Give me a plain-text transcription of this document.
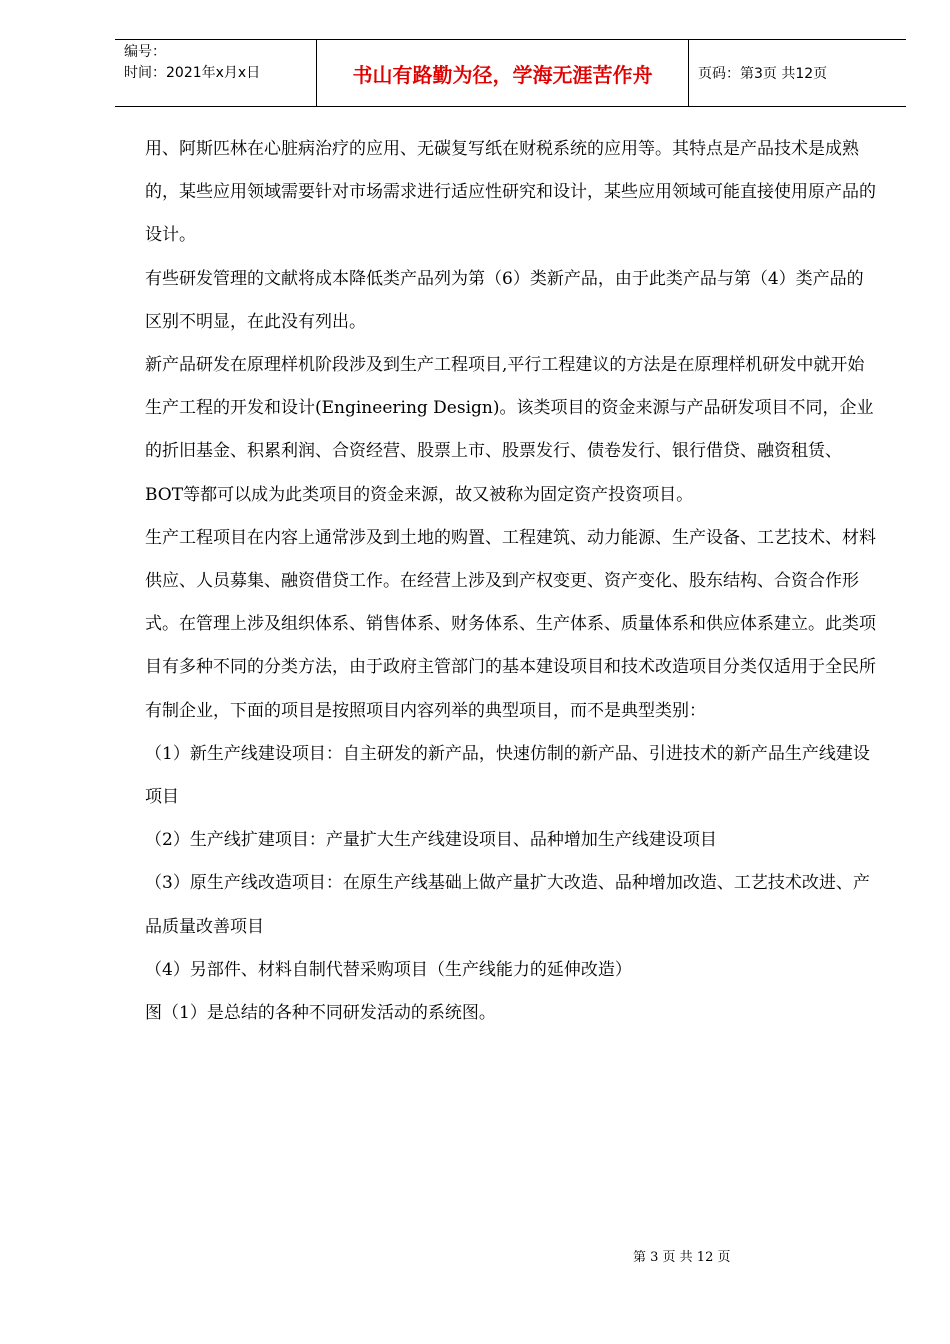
编号：
时间：2021年x月x日	书山有路勤为径，学海无涯苦作舟	页码：第3页 共12页

用、阿斯匹林在心脏病治疗的应用、无碳复写纸在财税系统的应用等。其特点是产品技术是成熟的，某些应用领域需要针对市场需求进行适应性研究和设计，某些应用领域可能直接使用原产品的设计。

有些研发管理的文献将成本降低类产品列为第（6）类新产品，由于此类产品与第（4）类产品的区别不明显，在此没有列出。

新产品研发在原理样机阶段涉及到生产工程项目,平行工程建议的方法是在原理样机研发中就开始生产工程的开发和设计(Engineering Design)。该类项目的资金来源与产品研发项目不同，企业的折旧基金、积累利润、合资经营、股票上市、股票发行、债卷发行、银行借贷、融资租赁、BOT等都可以成为此类项目的资金来源，故又被称为固定资产投资项目。

生产工程项目在内容上通常涉及到土地的购置、工程建筑、动力能源、生产设备、工艺技术、材料供应、人员募集、融资借贷工作。在经营上涉及到产权变更、资产变化、股东结构、合资合作形式。在管理上涉及组织体系、销售体系、财务体系、生产体系、质量体系和供应体系建立。此类项目有多种不同的分类方法，由于政府主管部门的基本建设项目和技术改造项目分类仅适用于全民所有制企业，下面的项目是按照项目内容列举的典型项目，而不是典型类别：

（1）新生产线建设项目：自主研发的新产品，快速仿制的新产品、引进技术的新产品生产线建设项目

（2）生产线扩建项目：产量扩大生产线建设项目、品种增加生产线建设项目

（3）原生产线改造项目：在原生产线基础上做产量扩大改造、品种增加改造、工艺技术改进、产品质量改善项目

（4）另部件、材料自制代替采购项目（生产线能力的延伸改造）

图（1）是总结的各种不同研发活动的系统图。

第 3 页 共 12 页
